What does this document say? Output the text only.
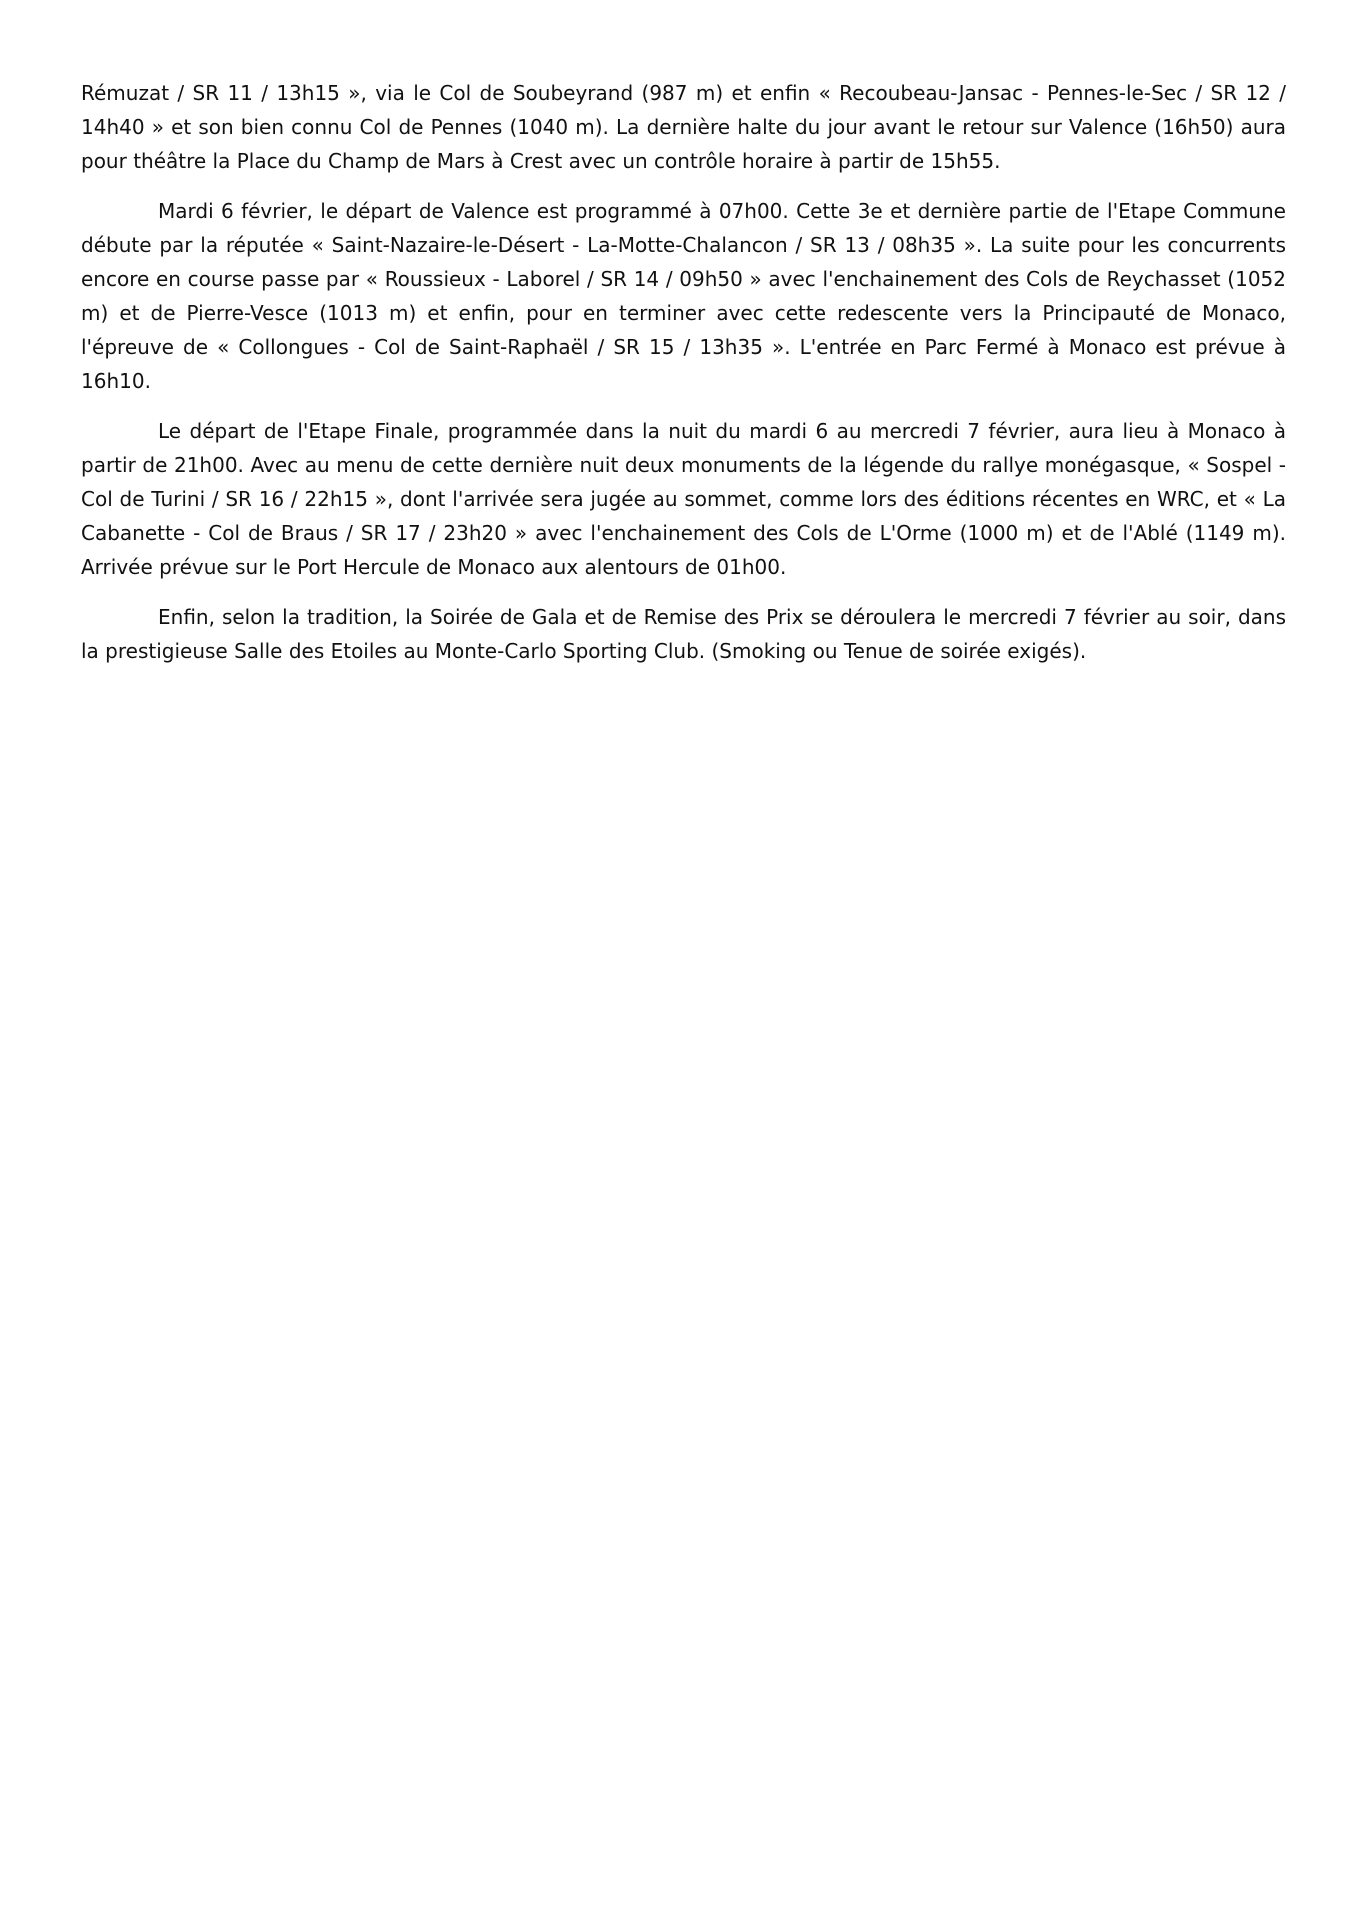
Rémuzat / SR 11 / 13h15 », via le Col de Soubeyrand (987 m) et enfin « Recoubeau-Jansac - Pennes-le-Sec / SR 12 / 14h40 » et son bien connu Col de Pennes (1040 m). La dernière halte du jour avant le retour sur Valence (16h50) aura pour théâtre la Place du Champ de Mars à Crest avec un contrôle horaire à partir de 15h55.

Mardi 6 février, le départ de Valence est programmé à 07h00. Cette 3e et dernière partie de l'Etape Commune débute par la réputée « Saint-Nazaire-le-Désert - La-Motte-Chalancon / SR 13 / 08h35 ». La suite pour les concurrents encore en course passe par « Roussieux - Laborel / SR 14 / 09h50 » avec l'enchainement des Cols de Reychasset (1052 m) et de Pierre-Vesce (1013 m) et enfin, pour en terminer avec cette redescente vers la Principauté de Monaco, l'épreuve de « Collongues - Col de Saint-Raphaël / SR 15 / 13h35 ». L'entrée en Parc Fermé à Monaco est prévue à 16h10.

Le départ de l'Etape Finale, programmée dans la nuit du mardi 6 au mercredi 7 février, aura lieu à Monaco à partir de 21h00. Avec au menu de cette dernière nuit deux monuments de la légende du rallye monégasque, « Sospel - Col de Turini / SR 16 / 22h15 », dont l'arrivée sera jugée au sommet, comme lors des éditions récentes en WRC, et « La Cabanette - Col de Braus / SR 17 / 23h20 » avec l'enchainement des Cols de L'Orme (1000 m) et de l'Ablé (1149 m). Arrivée prévue sur le Port Hercule de Monaco aux alentours de 01h00.

Enfin, selon la tradition, la Soirée de Gala et de Remise des Prix se déroulera le mercredi 7 février au soir, dans la prestigieuse Salle des Etoiles au Monte-Carlo Sporting Club. (Smoking ou Tenue de soirée exigés).
